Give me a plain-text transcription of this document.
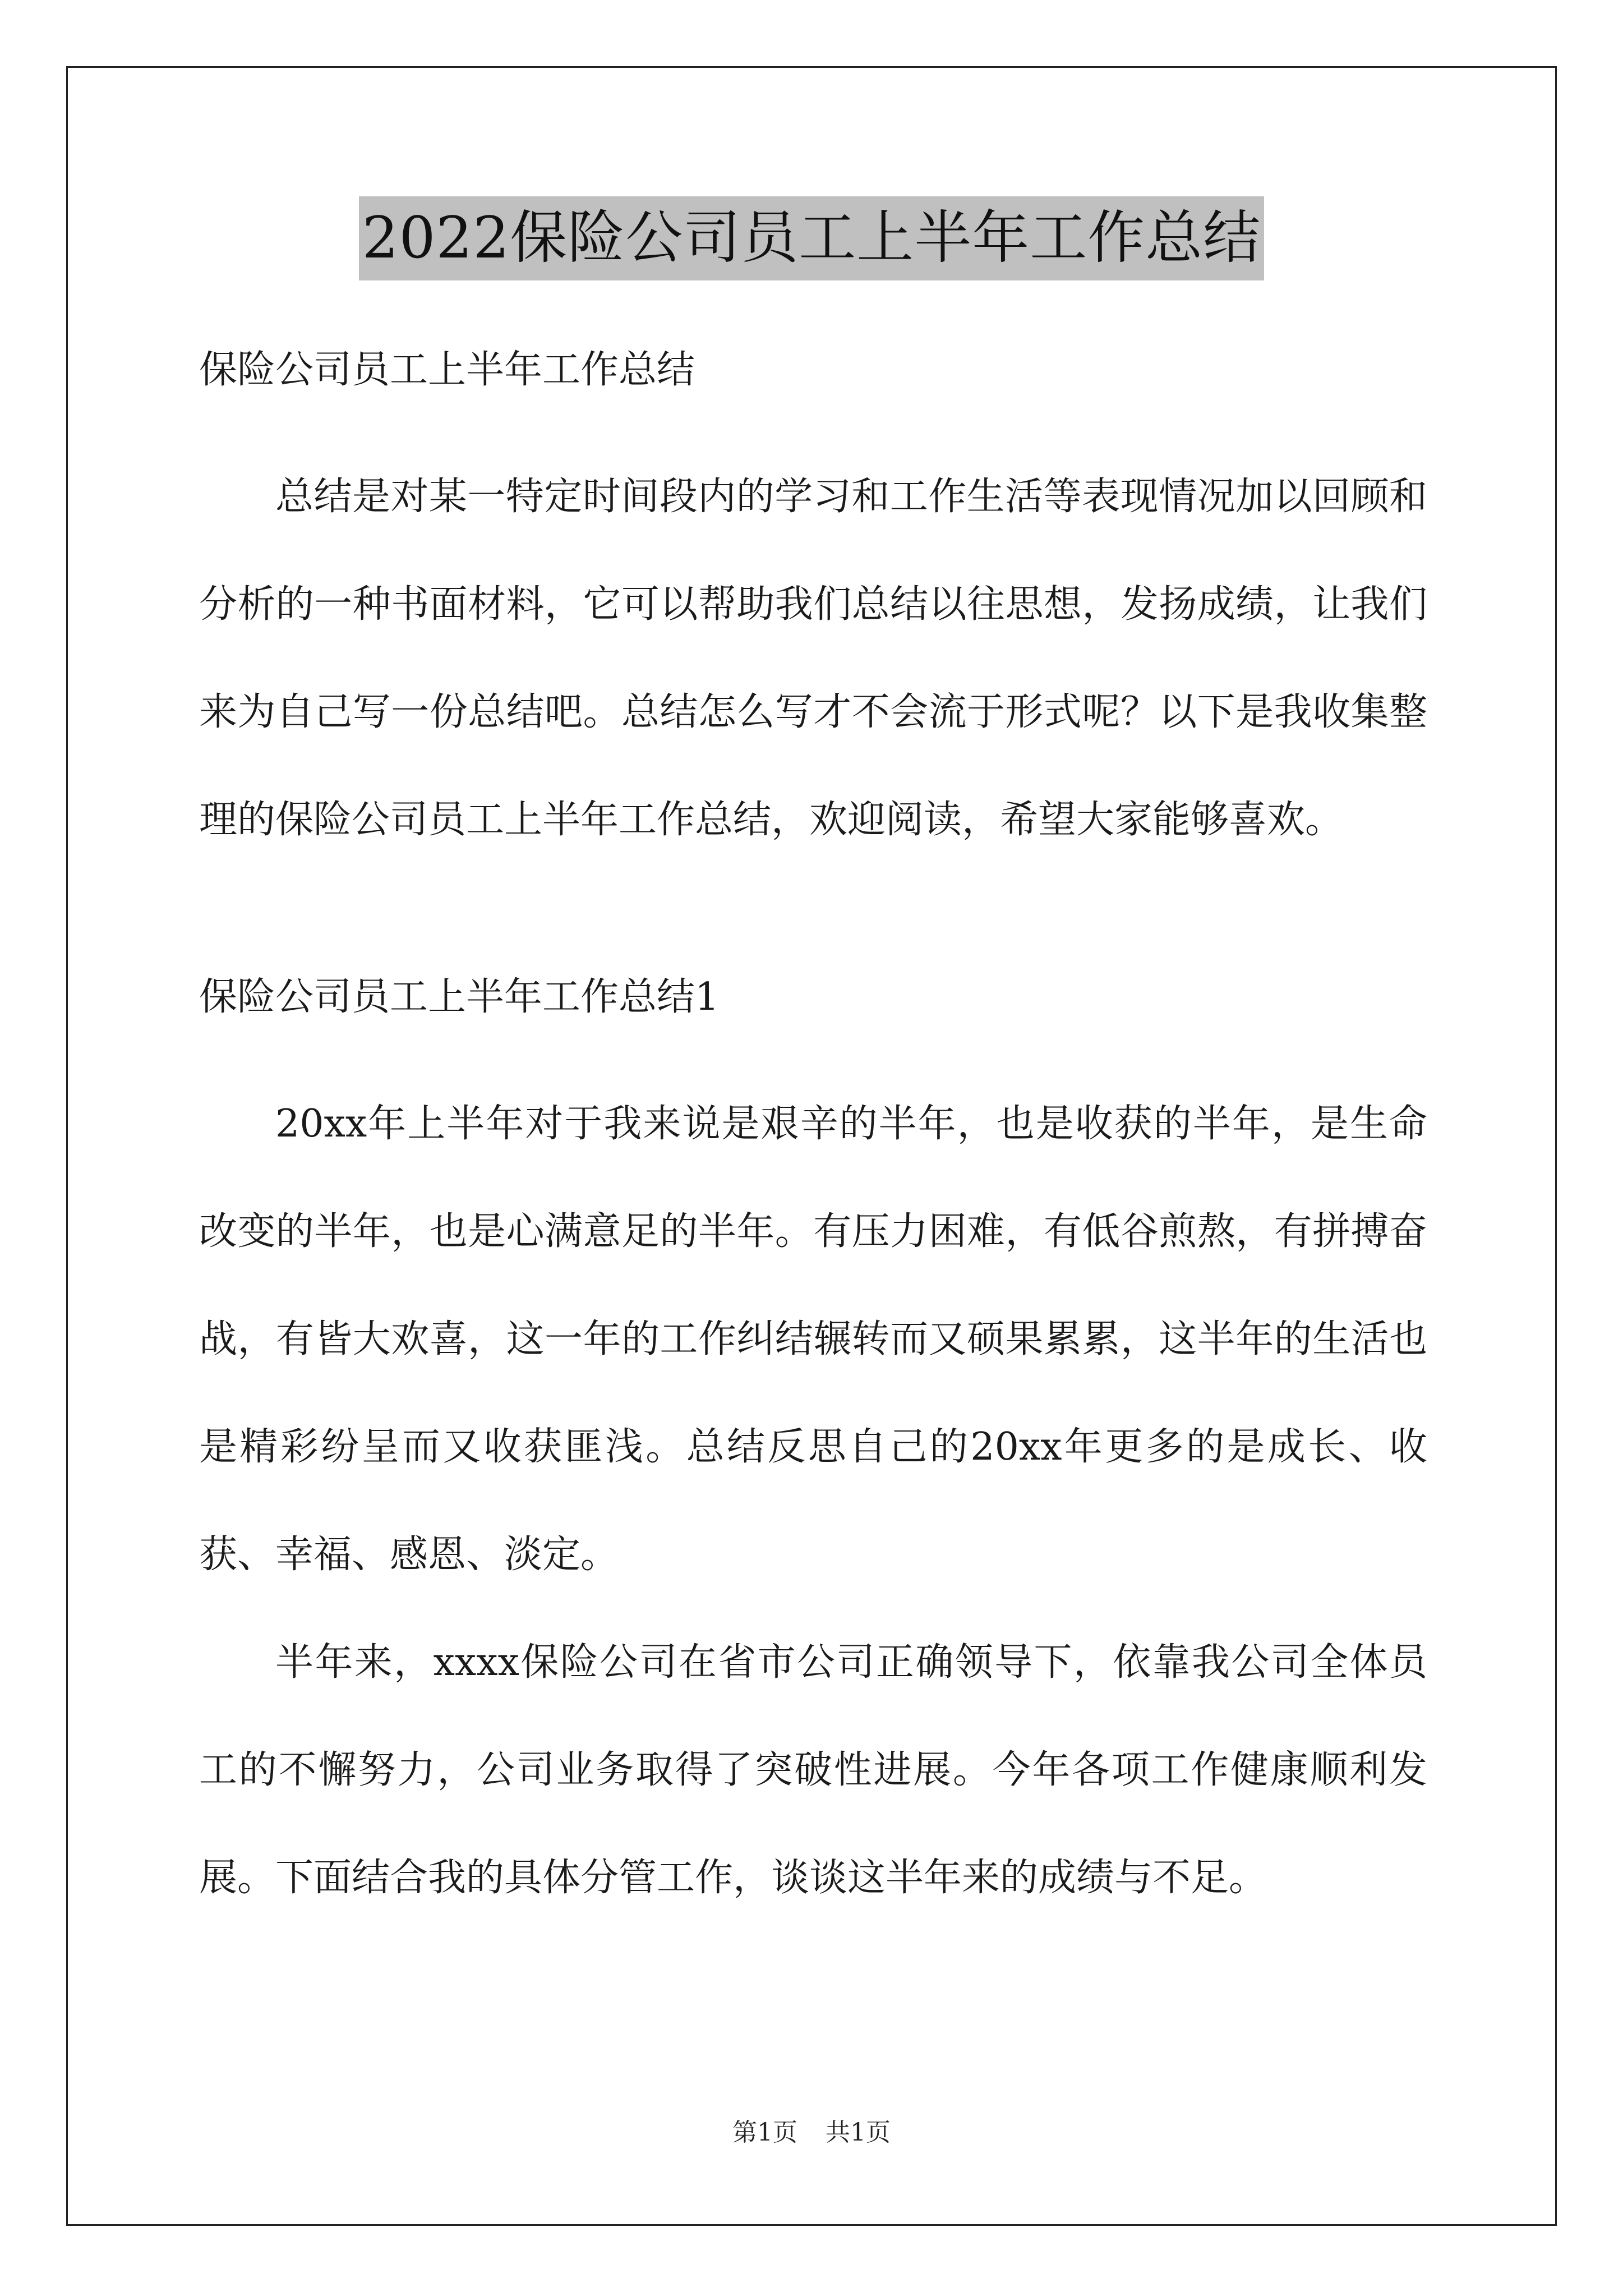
2022保险公司员工上半年工作总结

保险公司员工上半年工作总结

总结是对某一特定时间段内的学习和工作生活等表现情况加以回顾和分析的一种书面材料，它可以帮助我们总结以往思想，发扬成绩，让我们来为自己写一份总结吧。总结怎么写才不会流于形式呢？以下是我收集整理的保险公司员工上半年工作总结，欢迎阅读，希望大家能够喜欢。

保险公司员工上半年工作总结1

20xx年上半年对于我来说是艰辛的半年，也是收获的半年，是生命改变的半年，也是心满意足的半年。有压力困难，有低谷煎熬，有拼搏奋战，有皆大欢喜，这一年的工作纠结辗转而又硕果累累，这半年的生活也是精彩纷呈而又收获匪浅。总结反思自己的20xx年更多的是成长、收获、幸福、感恩、淡定。

半年来，xxxx保险公司在省市公司正确领导下，依靠我公司全体员工的不懈努力，公司业务取得了突破性进展。今年各项工作健康顺利发展。下面结合我的具体分管工作，谈谈这半年来的成绩与不足。

第1页 共1页
